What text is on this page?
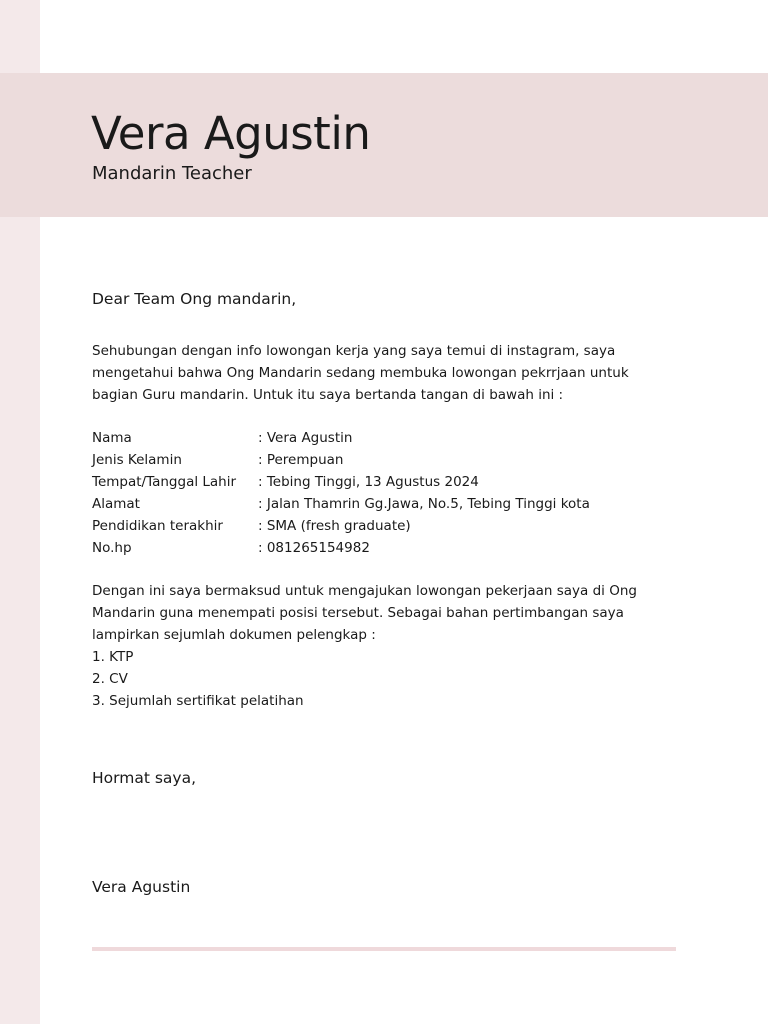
Vera Agustin
Mandarin Teacher
Dear Team Ong mandarin,
Sehubungan dengan info lowongan kerja yang saya temui di instagram, saya
mengetahui bahwa Ong Mandarin sedang membuka lowongan pekrrjaan untuk
bagian Guru mandarin. Untuk itu saya bertanda tangan di bawah ini :
Nama	: Vera Agustin
Jenis Kelamin	: Perempuan
Tempat/Tanggal Lahir : Tebing Tinggi, 13 Agustus 2024
Alamat	: Jalan Thamrin Gg.Jawa, No.5, Tebing Tinggi kota
Pendidikan terakhir	: SMA (fresh graduate)
No.hp	: 081265154982
Dengan ini saya bermaksud untuk mengajukan lowongan pekerjaan saya di Ong
Mandarin guna menempati posisi tersebut. Sebagai bahan pertimbangan saya
lampirkan sejumlah dokumen pelengkap :
1. KTP
2. CV
3. Sejumlah sertifikat pelatihan
Hormat saya,
Vera Agustin
